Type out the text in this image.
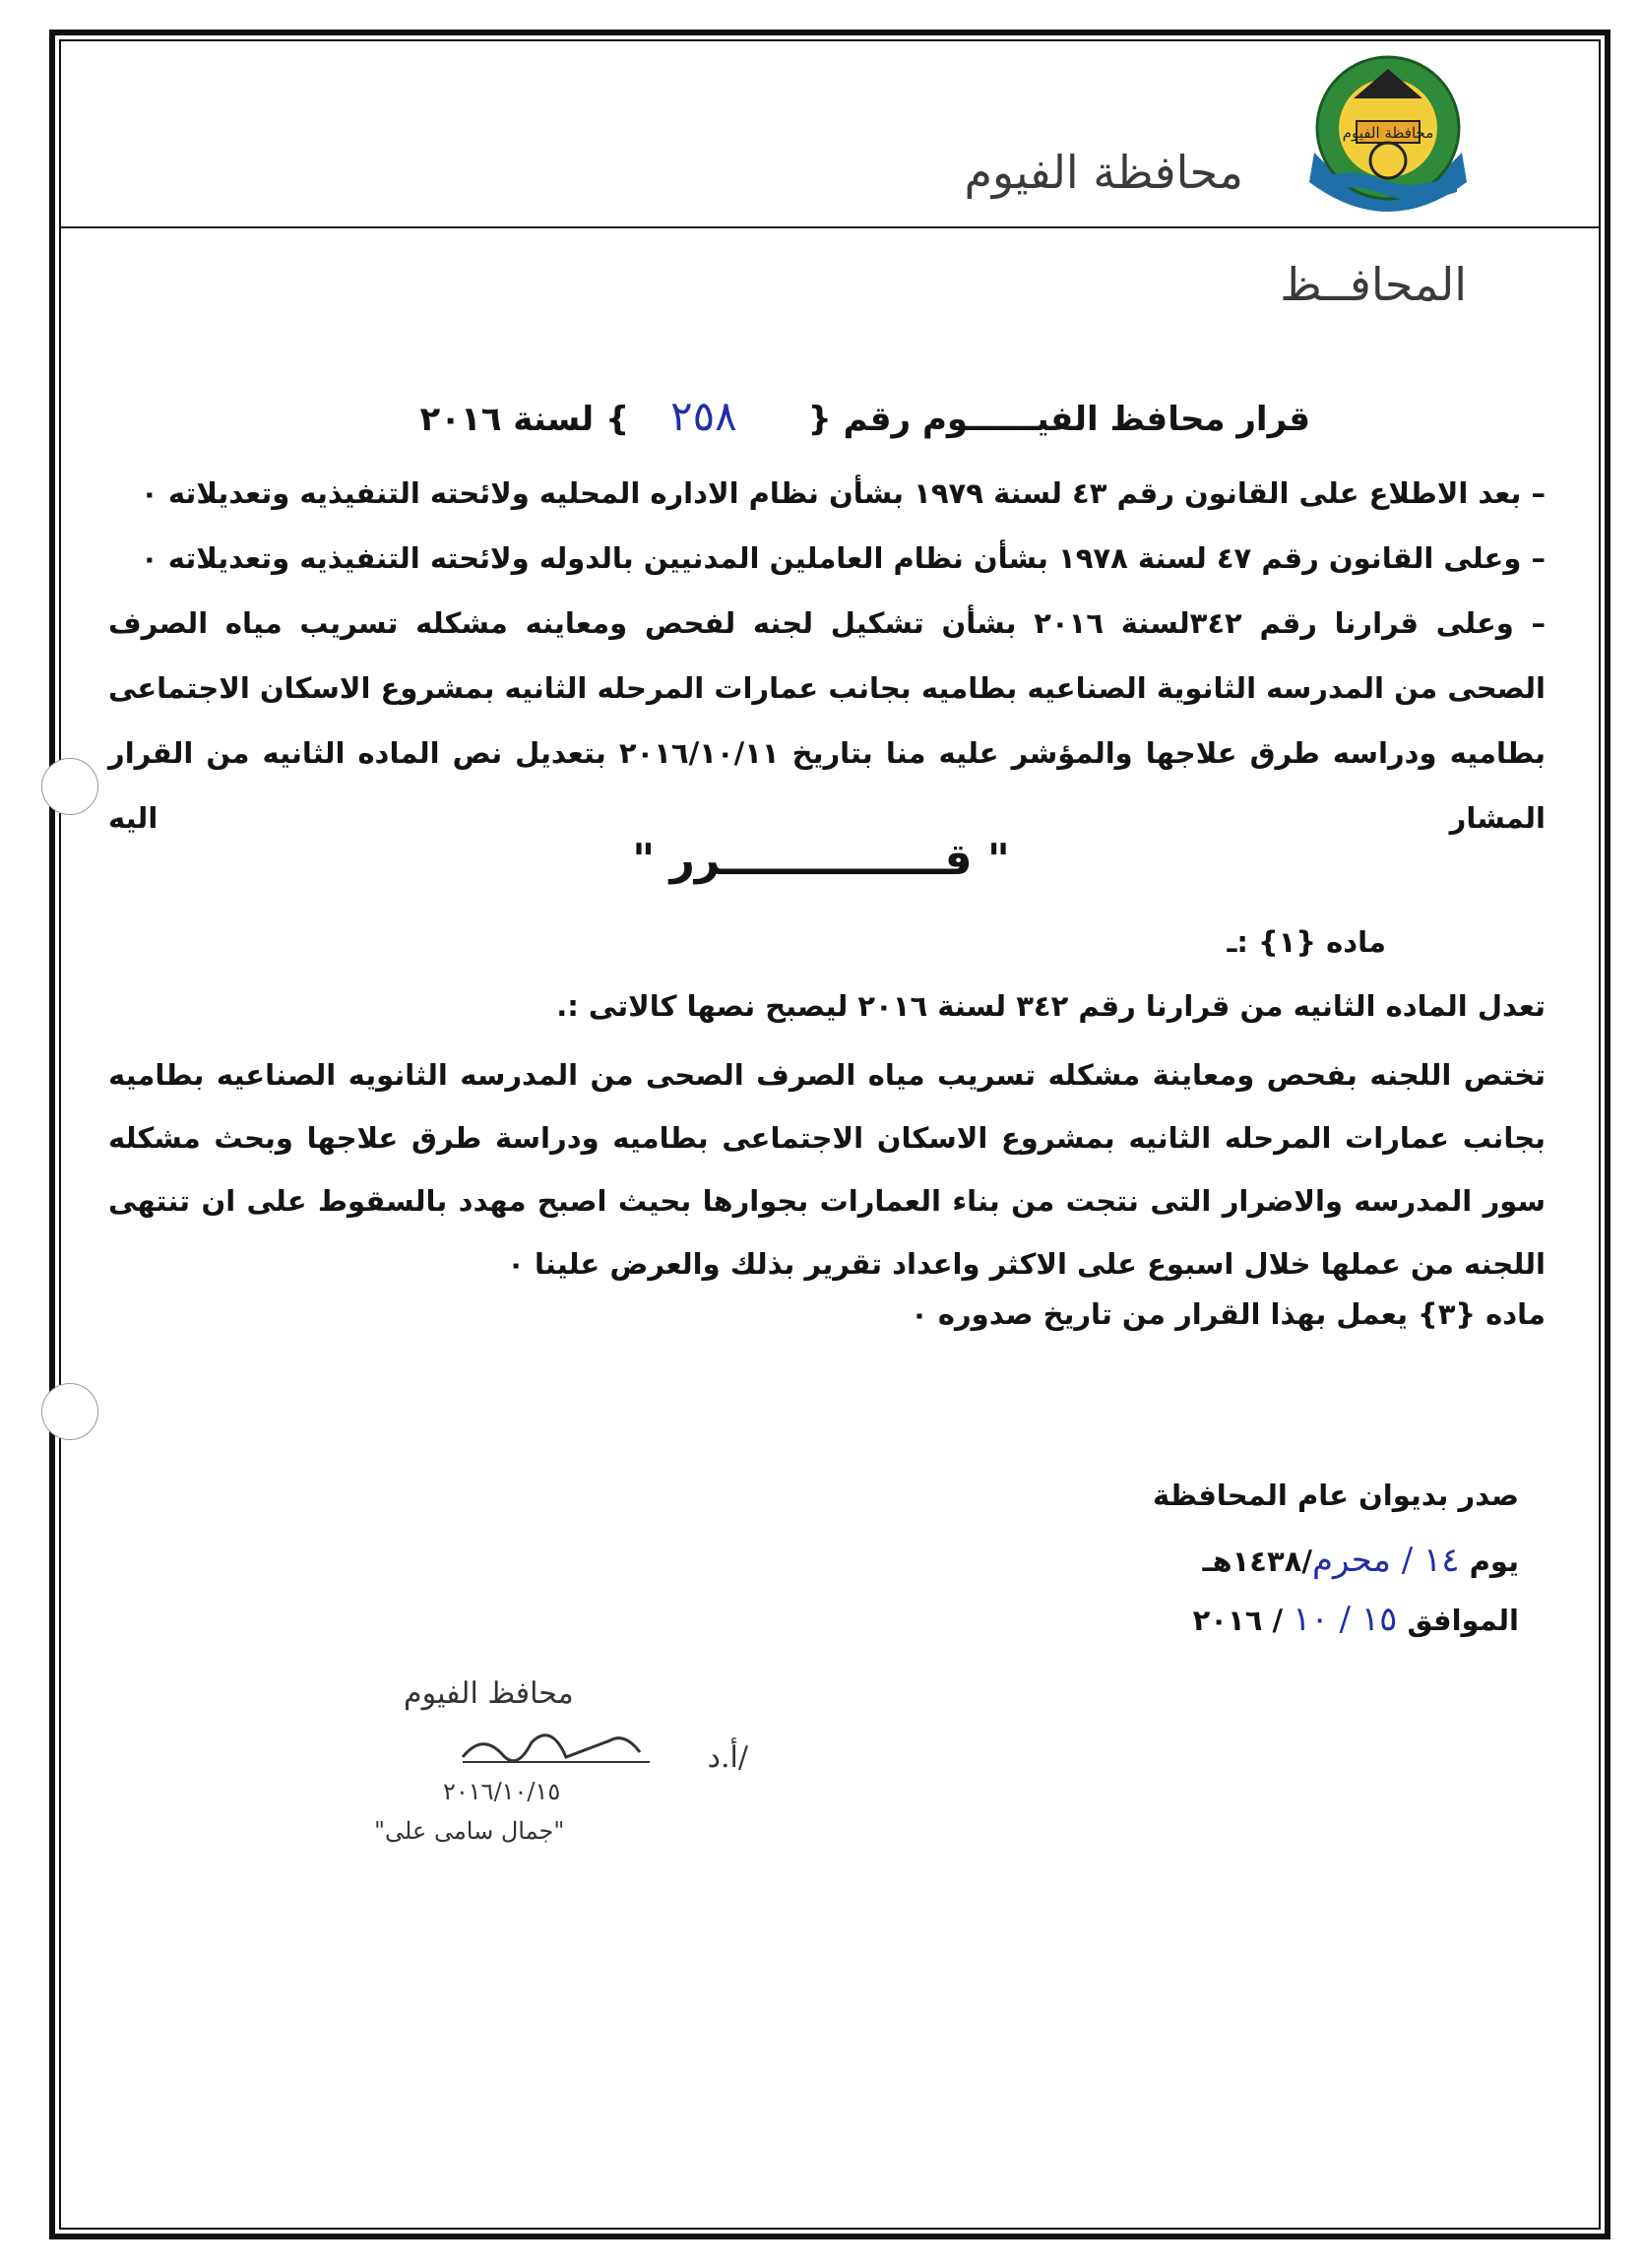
محافظة الفيوم
محافظة الفيوم
المحافــظ
قرار محافظ الفيــــــوم رقم { ٢٥٨ } لسنة ٢٠١٦
– بعد الاطلاع على القانون رقم ٤٣ لسنة ١٩٧٩ بشأن نظام الاداره المحليه ولائحته التنفيذيه وتعديلاته ٠
– وعلى القانون رقم ٤٧ لسنة ١٩٧٨ بشأن نظام العاملين المدنيين بالدوله ولائحته التنفيذيه وتعديلاته ٠
– وعلى قرارنا رقم ٣٤٢لسنة ٢٠١٦ بشأن تشكيل لجنه لفحص ومعاينه مشكله تسريب مياه الصرف الصحى من المدرسه الثانوية الصناعيه بطاميه بجانب عمارات المرحله الثانيه بمشروع الاسكان الاجتماعى بطاميه ودراسه طرق علاجها والمؤشر عليه منا بتاريخ ٢٠١٦/١٠/١١ بتعديل نص الماده الثانيه من القرار المشار اليه
" قـــــــــــــــرر "
ماده {١} :ـ
تعدل الماده الثانيه من قرارنا رقم ٣٤٢ لسنة ٢٠١٦ ليصبح نصها كالاتى :.
تختص اللجنه بفحص ومعاينة مشكله تسريب مياه الصرف الصحى من المدرسه الثانويه الصناعيه بطاميه بجانب عمارات المرحله الثانيه بمشروع الاسكان الاجتماعى بطاميه ودراسة طرق علاجها وبحث مشكله سور المدرسه والاضرار التى نتجت من بناء العمارات بجوارها بحيث اصبح مهدد بالسقوط على ان تنتهى اللجنه من عملها خلال اسبوع على الاكثر واعداد تقرير بذلك والعرض علينا ٠
ماده {٣} يعمل بهذا القرار من تاريخ صدوره ٠
صدر بديوان عام المحافظة
يوم ١٤ / محرم/١٤٣٨هـ
الموافق ١٥ / ١٠ / ٢٠١٦
محافظ الفيوم
أ.د/
٢٠١٦/١٠/١٥
"جمال سامى على"
